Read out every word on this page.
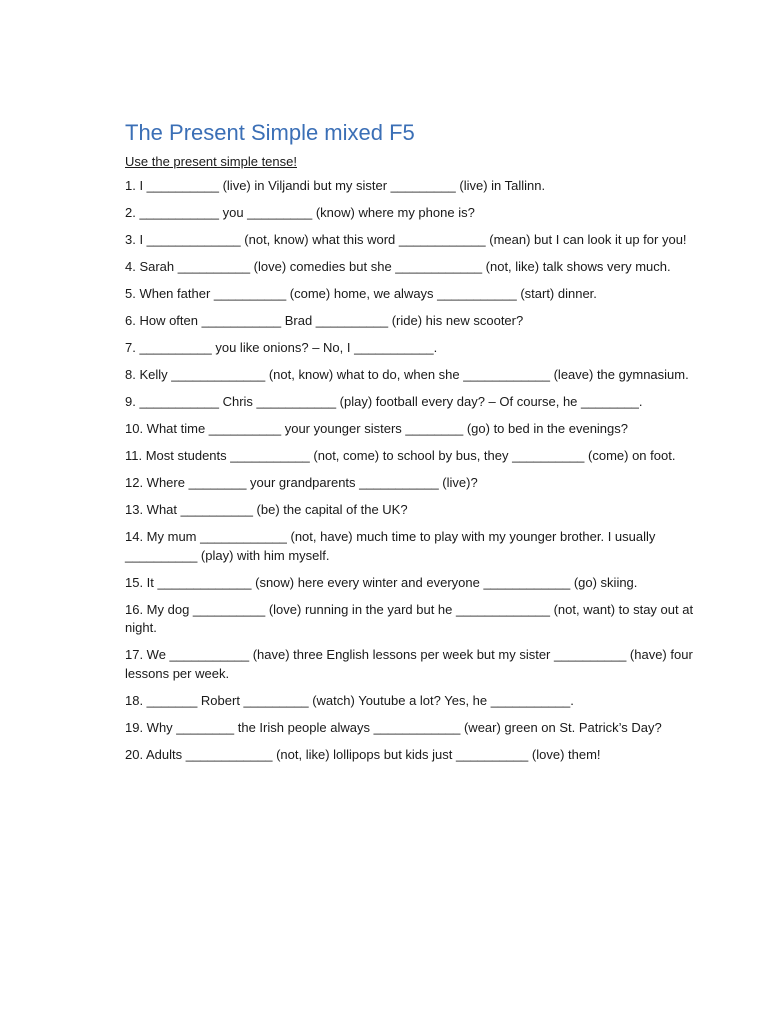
The Present Simple mixed F5
Use the present simple tense!
1. I __________ (live) in Viljandi but my sister _________ (live) in Tallinn.
2. ___________ you _________ (know) where my phone is?
3. I _____________ (not, know) what this word ____________ (mean) but I can look it up for you!
4. Sarah __________ (love) comedies but she ____________ (not, like) talk shows very much.
5. When father __________ (come) home, we always ___________ (start) dinner.
6. How often ___________ Brad __________ (ride) his new scooter?
7. __________ you like onions? – No, I ___________.
8. Kelly _____________ (not, know) what to do, when she ____________ (leave) the gymnasium.
9. ___________ Chris ___________ (play) football every day? – Of course, he ________.
10. What time __________ your younger sisters ________ (go) to bed in the evenings?
11. Most students ___________ (not, come) to school by bus, they __________ (come) on foot.
12. Where ________ your grandparents ___________ (live)?
13. What __________ (be) the capital of the UK?
14. My mum ____________ (not, have) much time to play with my younger brother. I usually __________ (play) with him myself.
15. It _____________ (snow) here every winter and everyone ____________ (go) skiing.
16. My dog __________ (love) running in the yard but he _____________ (not, want) to stay out at night.
17. We ___________ (have) three English lessons per week but my sister __________ (have) four lessons per week.
18. _______ Robert _________ (watch) Youtube a lot? Yes, he ___________.
19. Why ________ the Irish people always ____________ (wear) green on St. Patrick’s Day?
20. Adults ____________ (not, like) lollipops but kids just __________ (love) them!
